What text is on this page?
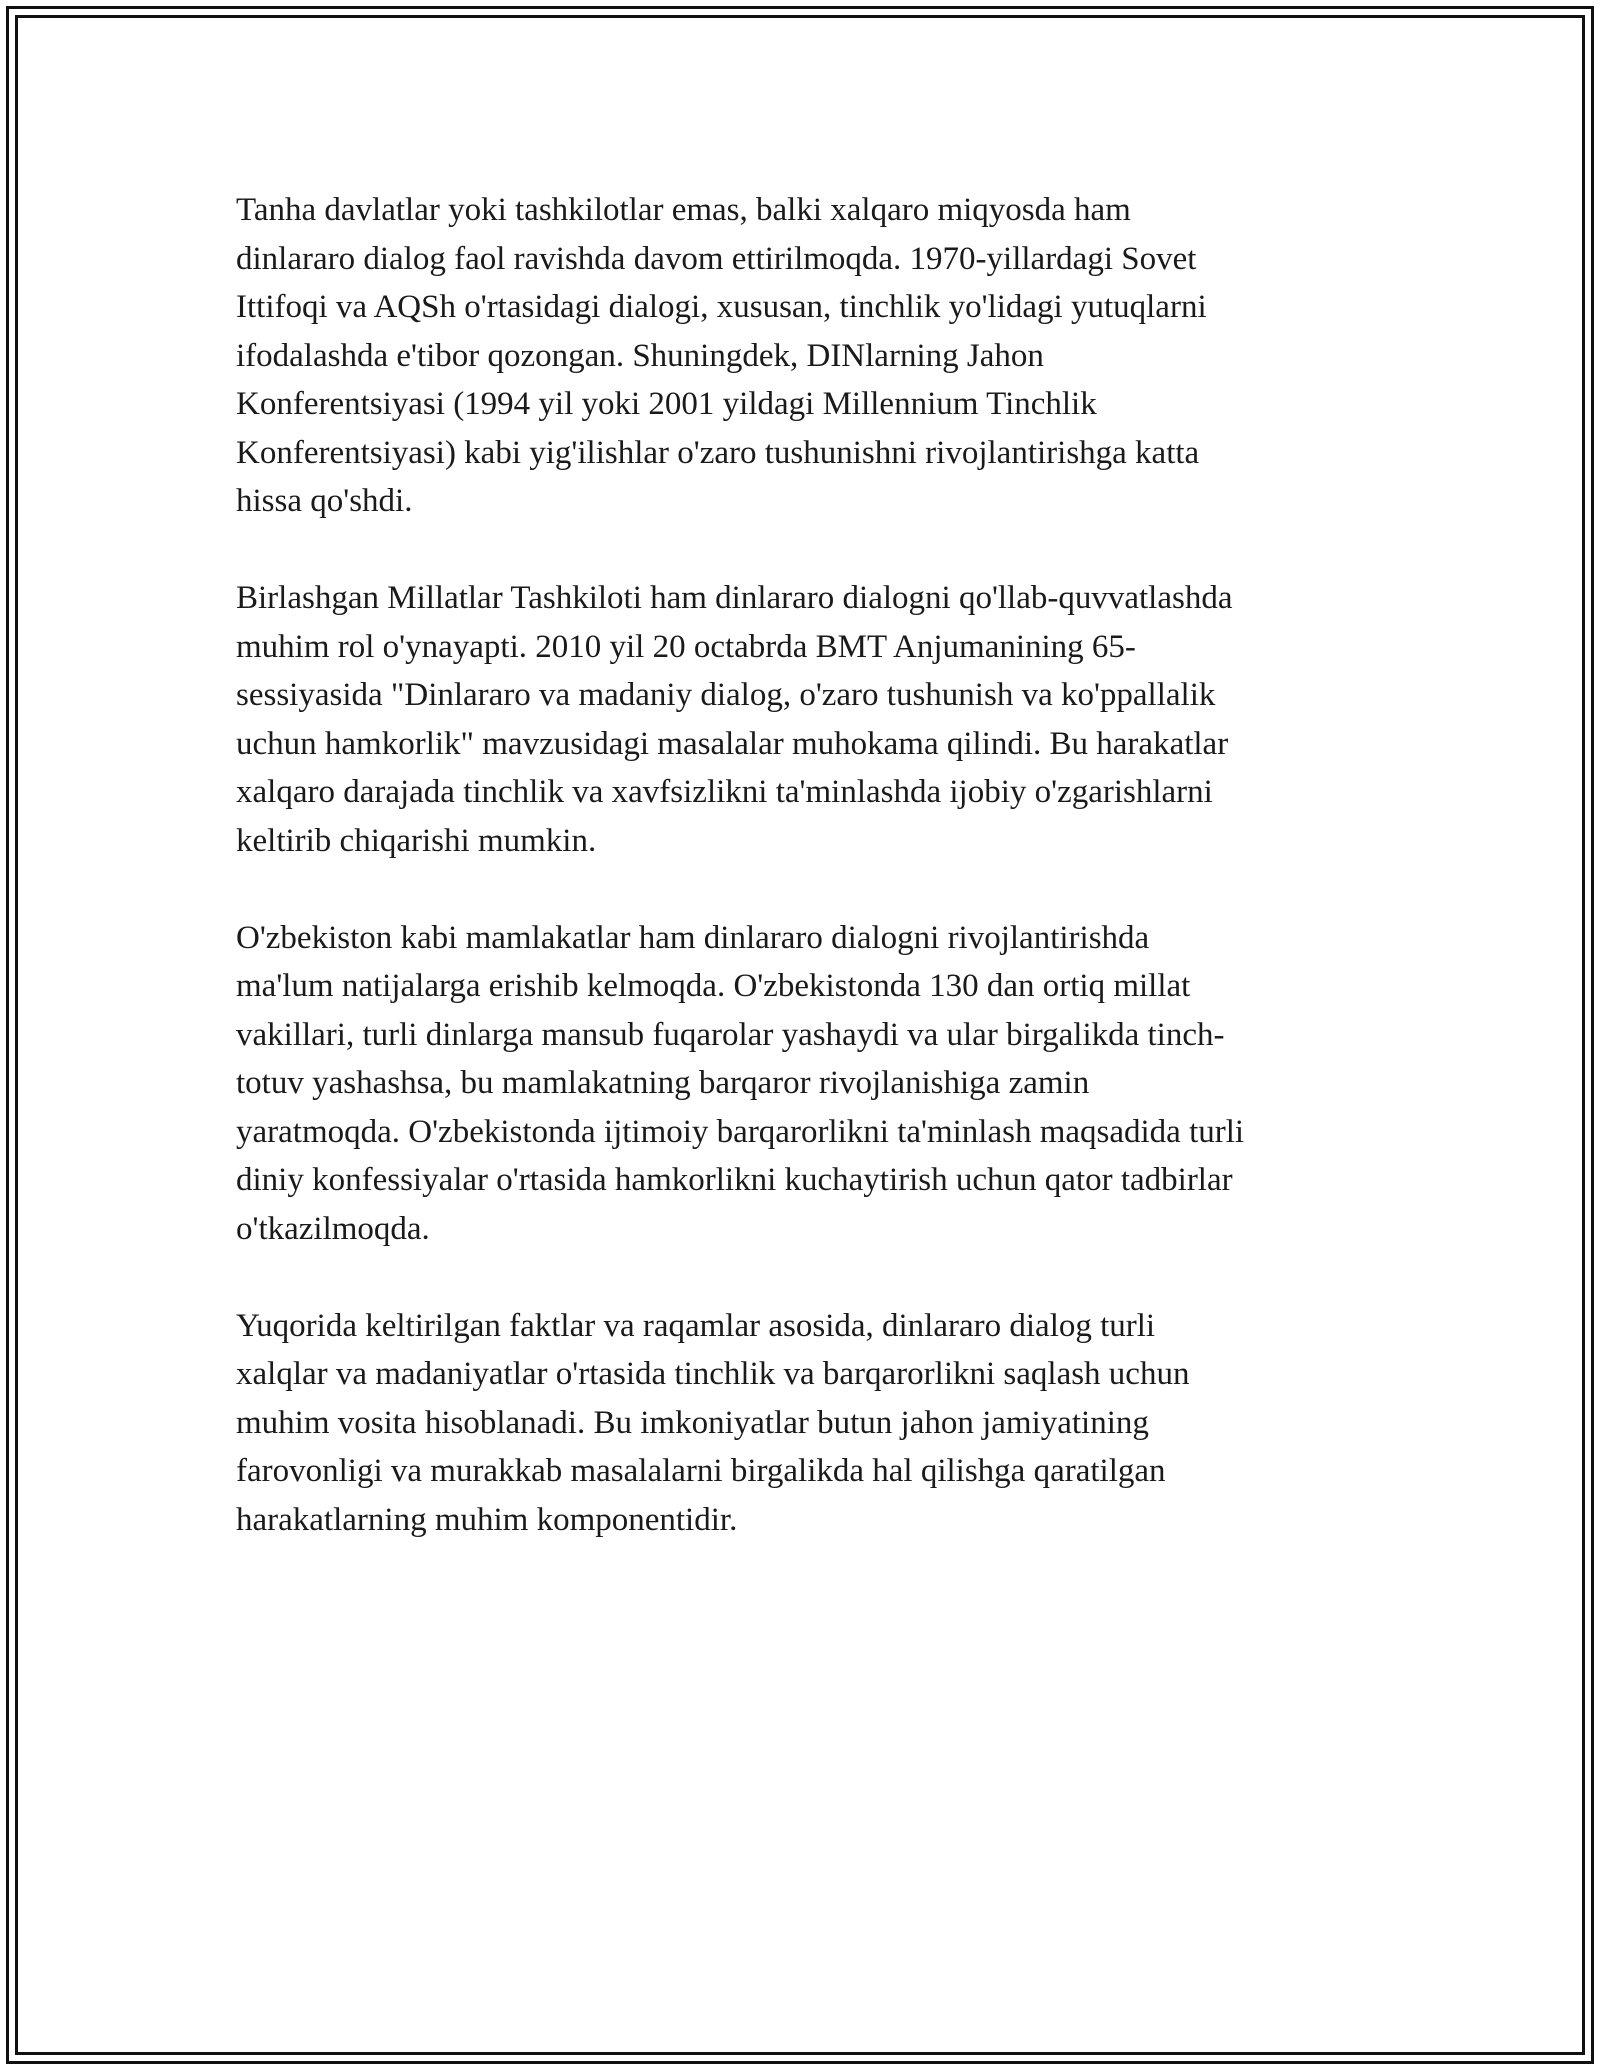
Tanha davlatlar yoki tashkilotlar emas, balki xalqaro miqyosda ham
dinlararo dialog faol ravishda davom ettirilmoqda. 1970-yillardagi Sovet
Ittifoqi va AQSh o'rtasidagi dialogi, xususan, tinchlik yo'lidagi yutuqlarni
ifodalashda e'tibor qozongan. Shuningdek, DINlarning Jahon
Konferentsiyasi (1994 yil yoki 2001 yildagi Millennium Tinchlik
Konferentsiyasi) kabi yig'ilishlar o'zaro tushunishni rivojlantirishga katta
hissa qo'shdi.

Birlashgan Millatlar Tashkiloti ham dinlararo dialogni qo'llab-quvvatlashda
muhim rol o'ynayapti. 2010 yil 20 octabrda BMT Anjumanining 65-
sessiyasida "Dinlararo va madaniy dialog, o'zaro tushunish va ko'ppallalik
uchun hamkorlik" mavzusidagi masalalar muhokama qilindi. Bu harakatlar
xalqaro darajada tinchlik va xavfsizlikni ta'minlashda ijobiy o'zgarishlarni
keltirib chiqarishi mumkin.

O'zbekiston kabi mamlakatlar ham dinlararo dialogni rivojlantirishda
ma'lum natijalarga erishib kelmoqda. O'zbekistonda 130 dan ortiq millat
vakillari, turli dinlarga mansub fuqarolar yashaydi va ular birgalikda tinch-
totuv yashashsa, bu mamlakatning barqaror rivojlanishiga zamin
yaratmoqda. O'zbekistonda ijtimoiy barqarorlikni ta'minlash maqsadida turli
diniy konfessiyalar o'rtasida hamkorlikni kuchaytirish uchun qator tadbirlar
o'tkazilmoqda.

Yuqorida keltirilgan faktlar va raqamlar asosida, dinlararo dialog turli
xalqlar va madaniyatlar o'rtasida tinchlik va barqarorlikni saqlash uchun
muhim vosita hisoblanadi. Bu imkoniyatlar butun jahon jamiyatining
farovonligi va murakkab masalalarni birgalikda hal qilishga qaratilgan
harakatlarning muhim komponentidir.
